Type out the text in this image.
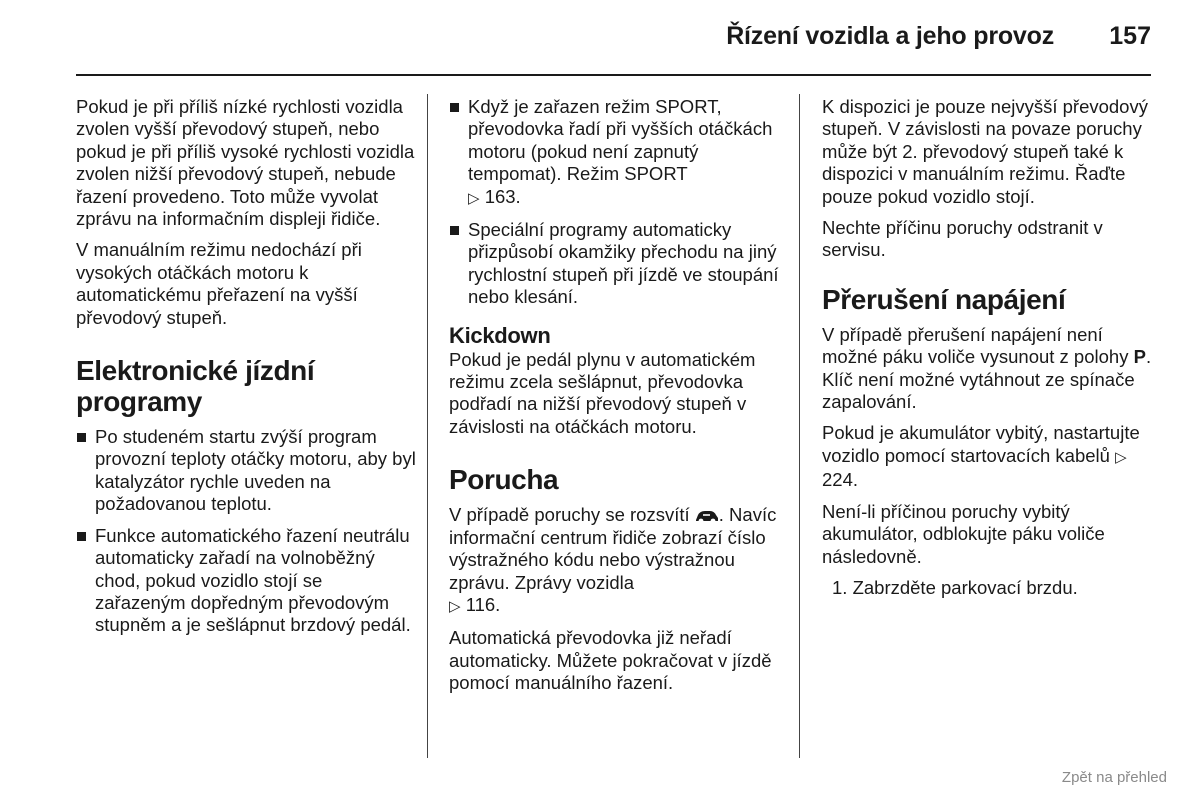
Řízení vozidla a jeho provoz	157

Pokud je při příliš nízké rychlosti vozidla zvolen vyšší převodový stupeň, nebo pokud je při příliš vysoké rychlosti vozidla zvolen nižší převodový stupeň, nebude řazení provedeno. Toto může vyvolat zprávu na informačním displeji řidiče.

V manuálním režimu nedochází při vysokých otáčkách motoru k automatickému přeřazení na vyšší převodový stupeň.

Elektronické jízdní programy
Po studeném startu zvýší program provozní teploty otáčky motoru, aby byl katalyzátor rychle uveden na požadovanou teplotu.
Funkce automatického řazení neutrálu automaticky zařadí na volnoběžný chod, pokud vozidlo stojí se zařazeným dopředným převodovým stupněm a je sešlápnut brzdový pedál.
Když je zařazen režim SPORT, převodovka řadí při vyšších otáčkách motoru (pokud není zapnutý tempomat). Režim SPORT
▷ 163.
Speciální programy automaticky přizpůsobí okamžiky přechodu na jiný rychlostní stupeň při jízdě ve stoupání nebo klesání.
Kickdown

Pokud je pedál plynu v automatickém režimu zcela sešlápnut, převodovka podřadí na nižší převodový stupeň v závislosti na otáčkách motoru.

Porucha

V případě poruchy se rozsvítí . Navíc informační centrum řidiče zobrazí číslo výstražného kódu nebo výstražnou zprávu. Zprávy vozidla
▷ 116.

Automatická převodovka již neřadí automaticky. Můžete pokračovat v jízdě pomocí manuálního řazení.

K dispozici je pouze nejvyšší převodový stupeň. V závislosti na povaze poruchy může být 2. převodový stupeň také k dispozici v manuálním režimu. Řaďte pouze pokud vozidlo stojí.

Nechte příčinu poruchy odstranit v servisu.

Přerušení napájení

V případě přerušení napájení není možné páku voliče vysunout z polohy P. Klíč není možné vytáhnout ze spínače zapalování.

Pokud je akumulátor vybitý, nastartujte vozidlo pomocí startovacích kabelů ▷ 224.

Není-li příčinou poruchy vybitý akumulátor, odblokujte páku voliče následovně.

1. Zabrzděte parkovací brzdu.
Zpět na přehled
